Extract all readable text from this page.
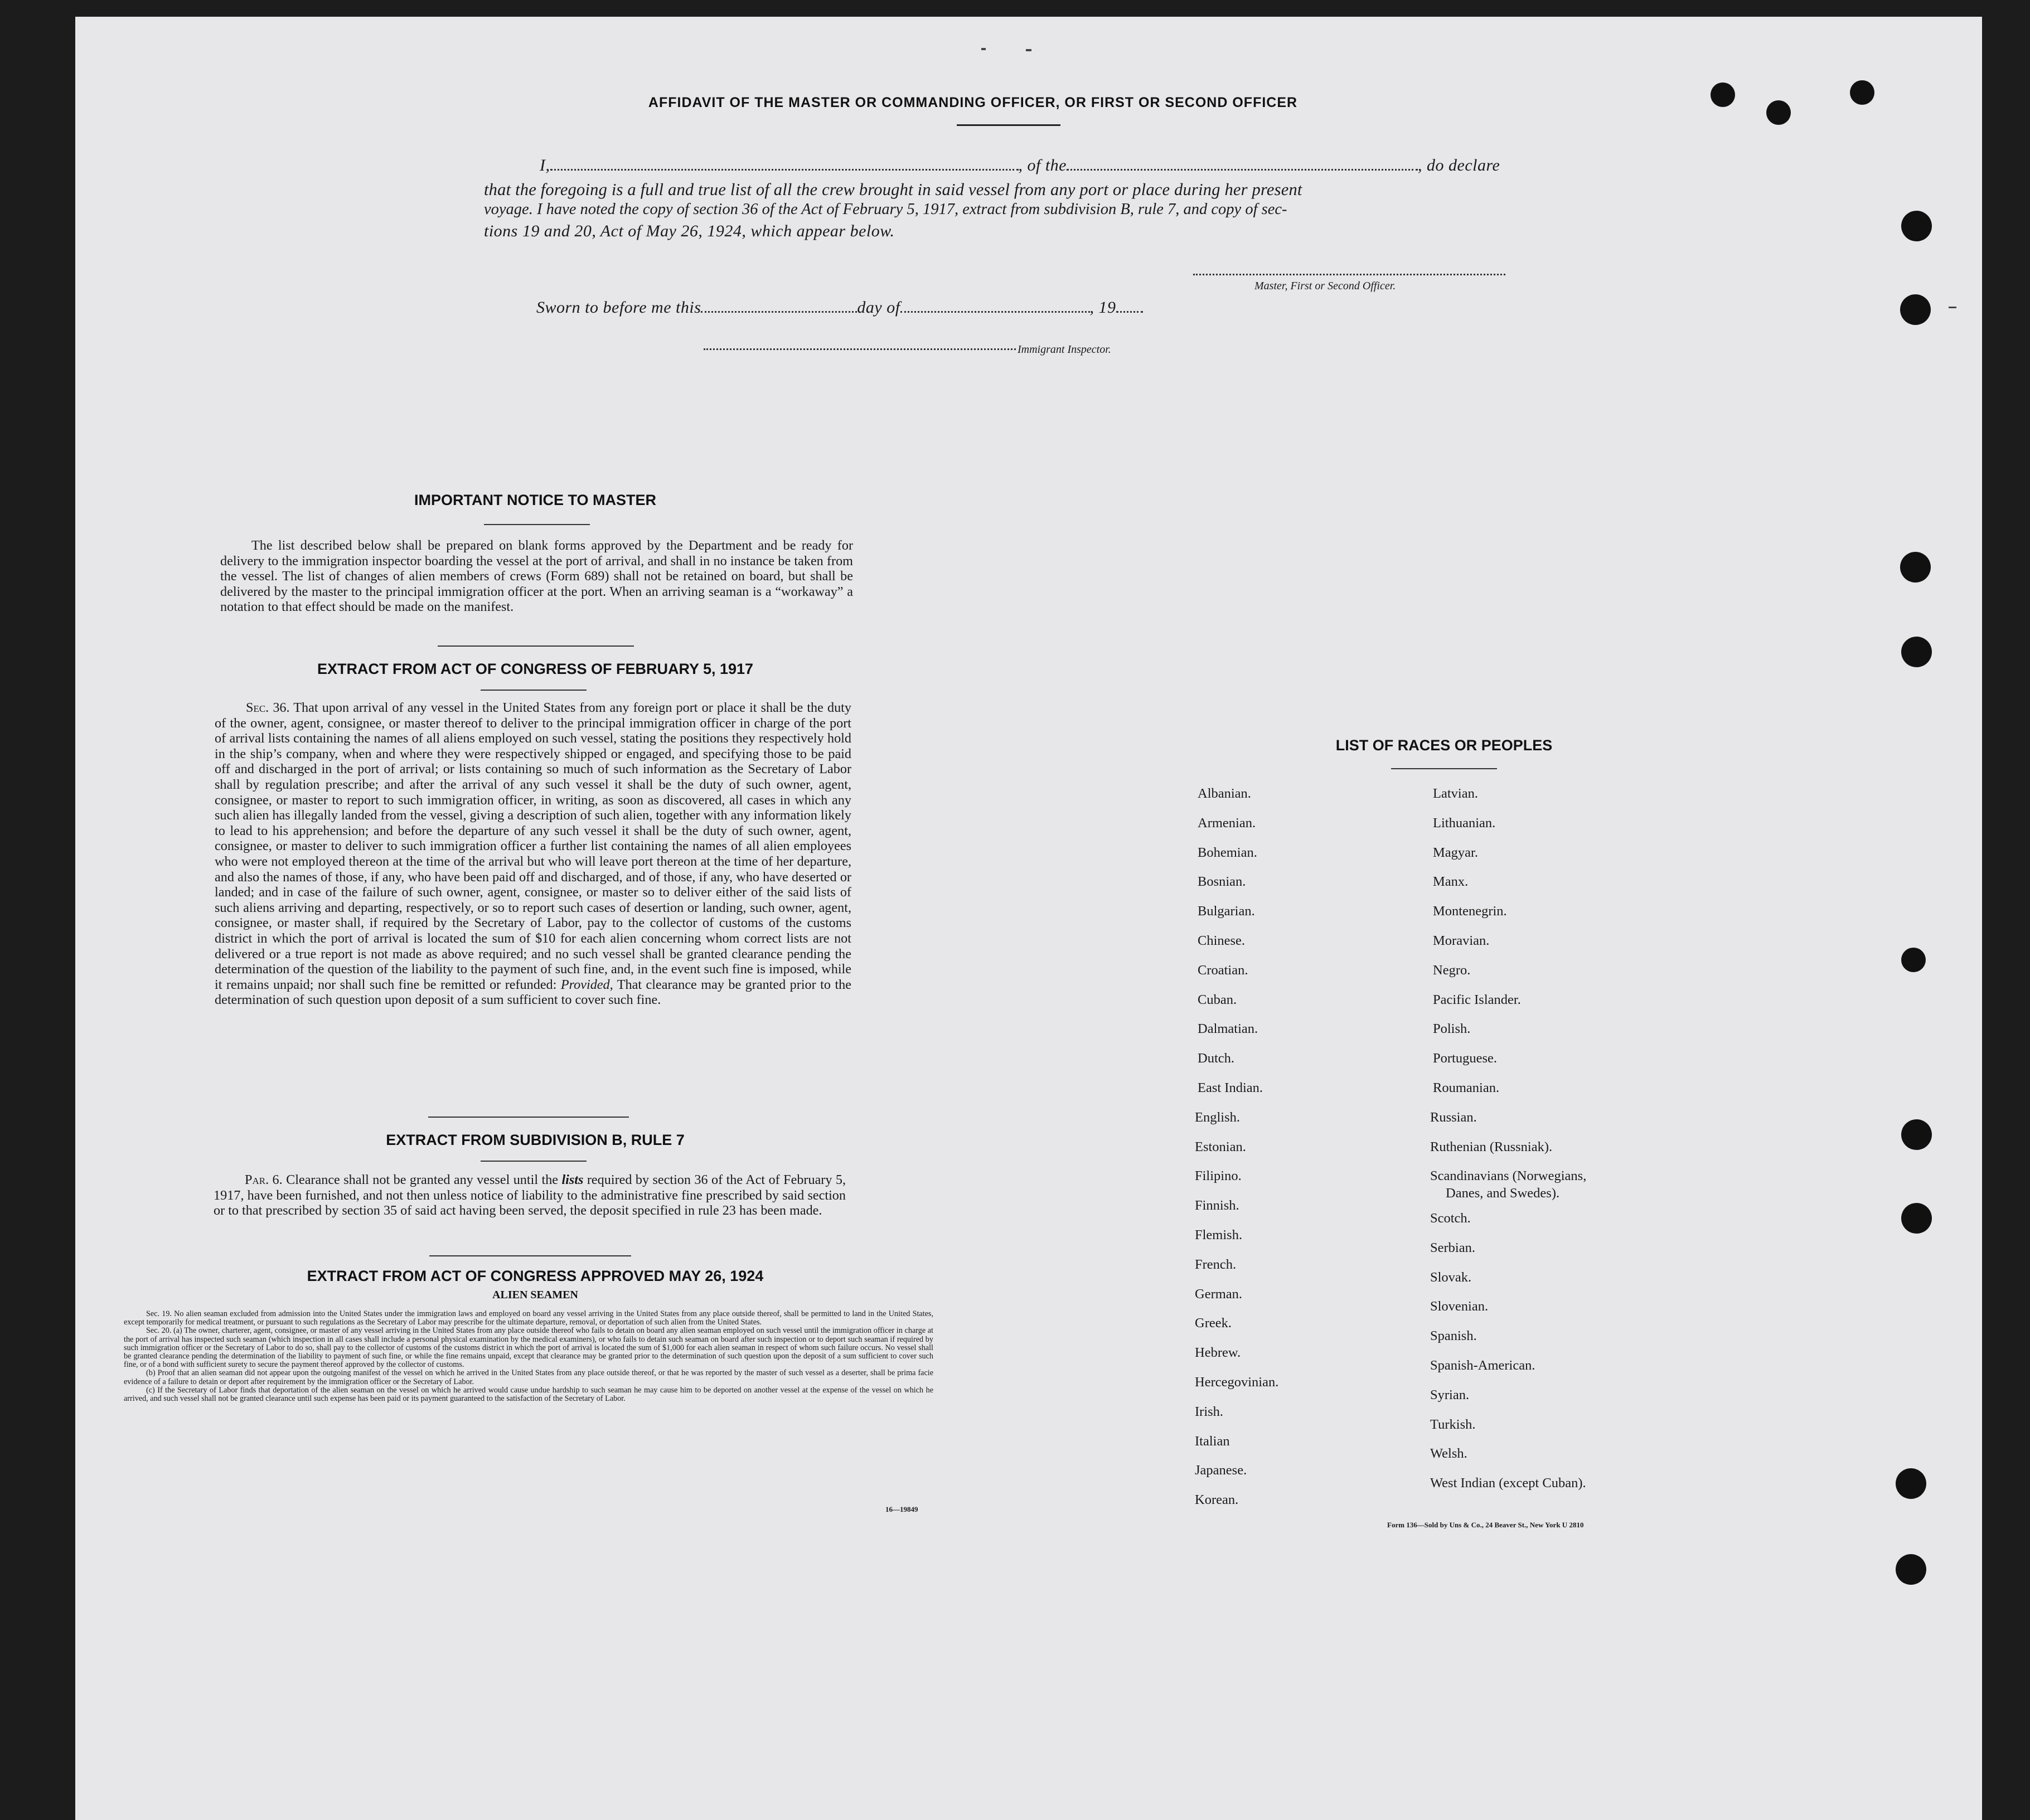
AFFIDAVIT OF THE MASTER OR COMMANDING OFFICER, OR FIRST OR SECOND OFFICER
I,	, of the	, do declare
that the foregoing is a full and true list of all the crew brought in said vessel from any port or place during her present
voyage. I have noted the copy of section 36 of the Act of February 5, 1917, extract from subdivision B, rule 7, and copy of sec-
tions 19 and 20, Act of May 26, 1924, which appear below.
Master, First or Second Officer.
Sworn to before me this	day of	, 19
Immigrant Inspector.
IMPORTANT NOTICE TO MASTER
The list described below shall be prepared on blank forms approved by the Department and be ready for delivery to the immigration inspector boarding the vessel at the port of arrival, and shall in no instance be taken from the vessel. The list of changes of alien members of crews (Form 689) shall not be retained on board, but shall be delivered by the master to the principal immigration officer at the port. When an arriving seaman is a “workaway” a notation to that effect should be made on the manifest.
EXTRACT FROM ACT OF CONGRESS OF FEBRUARY 5, 1917
Sec. 36. That upon arrival of any vessel in the United States from any foreign port or place it shall be the duty of the owner, agent, consignee, or master thereof to deliver to the principal immigration officer in charge of the port of arrival lists containing the names of all aliens employed on such vessel, stating the positions they respectively hold in the ship’s company, when and where they were respectively shipped or engaged, and specifying those to be paid off and discharged in the port of arrival; or lists containing so much of such information as the Secretary of Labor shall by regulation prescribe; and after the arrival of any such vessel it shall be the duty of such owner, agent, consignee, or master to report to such immigration officer, in writing, as soon as discovered, all cases in which any such alien has illegally landed from the vessel, giving a description of such alien, together with any information likely to lead to his apprehension; and before the departure of any such vessel it shall be the duty of such owner, agent, consignee, or master to deliver to such immigration officer a further list containing the names of all alien employees who were not employed thereon at the time of the arrival but who will leave port thereon at the time of her departure, and also the names of those, if any, who have been paid off and discharged, and of those, if any, who have deserted or landed; and in case of the failure of such owner, agent, consignee, or master so to deliver either of the said lists of such aliens arriving and departing, respectively, or so to report such cases of desertion or landing, such owner, agent, consignee, or master shall, if required by the Secretary of Labor, pay to the collector of customs of the customs district in which the port of arrival is located the sum of $10 for each alien concerning whom correct lists are not delivered or a true report is not made as above required; and no such vessel shall be granted clearance pending the determination of the question of the liability to the payment of such fine, and, in the event such fine is imposed, while it remains unpaid; nor shall such fine be remitted or refunded: Provided, That clearance may be granted prior to the determination of such question upon deposit of a sum sufficient to cover such fine.
EXTRACT FROM SUBDIVISION B, RULE 7
Par. 6. Clearance shall not be granted any vessel until the lists required by section 36 of the Act of February 5, 1917, have been furnished, and not then unless notice of liability to the administrative fine prescribed by said section or to that prescribed by section 35 of said act having been served, the deposit specified in rule 23 has been made.
EXTRACT FROM ACT OF CONGRESS APPROVED MAY 26, 1924
ALIEN SEAMEN

Sec. 19. No alien seaman excluded from admission into the United States under the immigration laws and employed on board any vessel arriving in the United States from any place outside thereof, shall be permitted to land in the United States, except temporarily for medical treatment, or pursuant to such regulations as the Secretary of Labor may prescribe for the ultimate departure, removal, or deportation of such alien from the United States.

Sec. 20. (a) The owner, charterer, agent, consignee, or master of any vessel arriving in the United States from any place outside thereof who fails to detain on board any alien seaman employed on such vessel until the immigration officer in charge at the port of arrival has inspected such seaman (which inspection in all cases shall include a personal physical examination by the medical examiners), or who fails to detain such seaman on board after such inspection or to deport such seaman if required by such immigration officer or the Secretary of Labor to do so, shall pay to the collector of customs of the customs district in which the port of arrival is located the sum of $1,000 for each alien seaman in respect of whom such failure occurs. No vessel shall be granted clearance pending the determination of the liability to payment of such fine, or while the fine remains unpaid, except that clearance may be granted prior to the determination of such question upon the deposit of a sum sufficient to cover such fine, or of a bond with sufficient surety to secure the payment thereof approved by the collector of customs.

(b) Proof that an alien seaman did not appear upon the outgoing manifest of the vessel on which he arrived in the United States from any place outside thereof, or that he was reported by the master of such vessel as a deserter, shall be prima facie evidence of a failure to detain or deport after requirement by the immigration officer or the Secretary of Labor.

(c) If the Secretary of Labor finds that deportation of the alien seaman on the vessel on which he arrived would cause undue hardship to such seaman he may cause him to be deported on another vessel at the expense of the vessel on which he arrived, and such vessel shall not be granted clearance until such expense has been paid or its payment guaranteed to the satisfaction of the Secretary of Labor.

16—19849
LIST OF RACES OR PEOPLES
Form 136—Sold by Uns & Co., 24 Beaver St., New York U 2810
Albanian.
Armenian.
Bohemian.
Bosnian.
Bulgarian.
Chinese.
Croatian.
Cuban.
Dalmatian.
Dutch.
East Indian.
English.
Estonian.
Filipino.
Finnish.
Flemish.
French.
German.
Greek.
Hebrew.
Hercegovinian.
Irish.
Italian
Japanese.
Korean.
Latvian.
Lithuanian.
Magyar.
Manx.
Montenegrin.
Moravian.
Negro.
Pacific Islander.
Polish.
Portuguese.
Roumanian.
Russian.
Ruthenian (Russniak).
Scandinavians (Norwegians,
Danes, and Swedes).
Scotch.
Serbian.
Slovak.
Slovenian.
Spanish.
Spanish-American.
Syrian.
Turkish.
Welsh.
West Indian (except Cuban).
